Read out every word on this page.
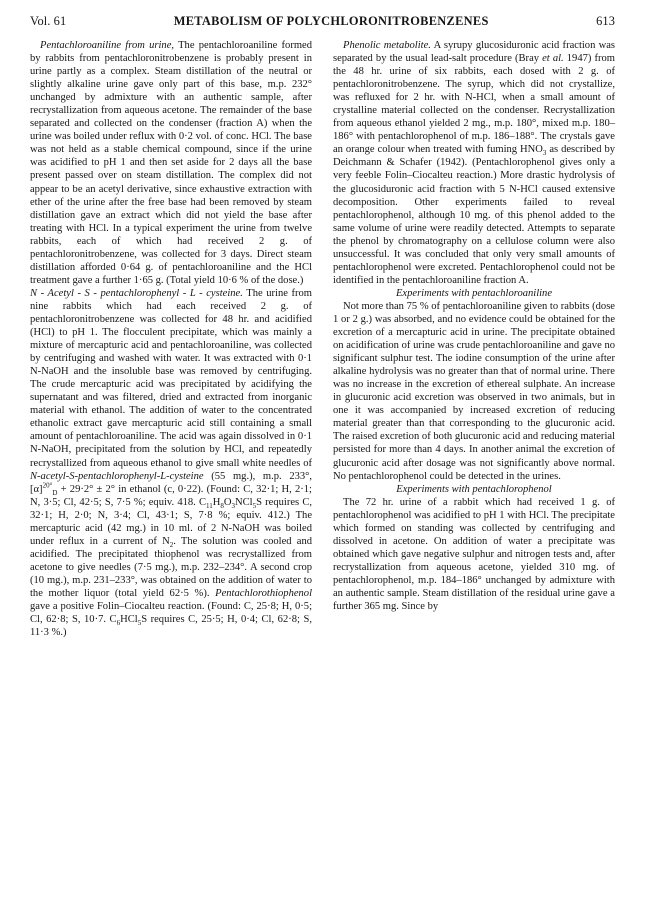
Vol. 61	METABOLISM OF POLYCHLORONITROBENZENES	613

Pentachloroaniline from urine, The pentachloroaniline formed by rabbits from pentachloronitrobenzene is probably present in urine partly as a complex. Steam distillation of the neutral or slightly alkaline urine gave only part of this base, m.p. 232° unchanged by admixture with an authentic sample, after recrystallization from aqueous acetone. The remainder of the base separated and collected on the condenser (fraction A) when the urine was boiled under reflux with 0·2 vol. of conc. HCl. The base was not held as a stable chemical compound, since if the urine was acidified to pH 1 and then set aside for 2 days all the base present passed over on steam distillation. The complex did not appear to be an acetyl derivative, since exhaustive extraction with ether of the urine after the free base had been removed by steam distillation gave an extract which did not yield the base after treating with HCl. In a typical experiment the urine from twelve rabbits, each of which had received 2 g. of pentachloronitrobenzene, was collected for 3 days. Direct steam distillation afforded 0·64 g. of pentachloroaniline and the HCl treatment gave a further 1·65 g. (Total yield 10·6 % of the dose.)

N - Acetyl - S - pentachlorophenyl - L - cysteine. The urine from nine rabbits which had each received 2 g. of pentachloronitrobenzene was collected for 48 hr. and acidified (HCl) to pH 1. The flocculent precipitate, which was mainly a mixture of mercapturic acid and pentachloroaniline, was collected by centrifuging and washed with water. It was extracted with 0·1 N-NaOH and the insoluble base was removed by centrifuging. The crude mercapturic acid was precipitated by acidifying the supernatant and was filtered, dried and extracted from inorganic material with ethanol. The addition of water to the concentrated ethanolic extract gave mercapturic acid still containing a small amount of pentachloroaniline. The acid was again dissolved in 0·1 N-NaOH, precipitated from the solution by HCl, and repeatedly recrystallized from aqueous ethanol to give small white needles of N-acetyl-S-pentachlorophenyl-L-cysteine (55 mg.), m.p. 233°, $[\alpha]^{20^\circ}_D + 29\cdot 2^\circ \pm 2^\circ$ in ethanol (c, 0·22). (Found: C, 32·1; H, 2·1; N, 3·5; Cl, 42·5; S, 7·5 %; equiv. 418. $C_{11}H_8O_3NCl_5S$ requires C, 32·1; H, 2·0; N, 3·4; Cl, 43·1; S, 7·8 %; equiv. 412.) The mercapturic acid (42 mg.) in 10 ml. of 2 N-NaOH was boiled under reflux in a current of $N_2$. The solution was cooled and acidified. The precipitated thiophenol was recrystallized from acetone to give needles (7·5 mg.), m.p. 232–234°. A second crop (10 mg.), m.p. 231–233°, was obtained on the addition of water to the mother liquor (total yield 62·5 %). Pentachlorothiophenol gave a positive Folin–Ciocalteu reaction. (Found: C, 25·8; H, 0·5; Cl, 62·8; S, 10·7. $C_6HCl_5S$ requires C, 25·5; H, 0·4; Cl, 62·8; S, 11·3 %.)

Phenolic metabolite. A syrupy glucosiduronic acid fraction was separated by the usual lead-salt procedure (Bray et al. 1947) from the 48 hr. urine of six rabbits, each dosed with 2 g. of pentachloronitrobenzene. The syrup, which did not crystallize, was refluxed for 2 hr. with N-HCl, when a small amount of crystalline material collected on the condenser. Recrystallization from aqueous ethanol yielded 2 mg., m.p. 180°, mixed m.p. 180–186° with pentachlorophenol of m.p. 186–188°. The crystals gave an orange colour when treated with fuming $HNO_3$ as described by Deichmann & Schafer (1942). (Pentachlorophenol gives only a very feeble Folin–Ciocalteu reaction.) More drastic hydrolysis of the glucosiduronic acid fraction with 5 N-HCl caused extensive decomposition. Other experiments failed to reveal pentachlorophenol, although 10 mg. of this phenol added to the same volume of urine were readily detected. Attempts to separate the phenol by chromatography on a cellulose column were also unsuccessful. It was concluded that only very small amounts of pentachlorophenol were excreted. Pentachlorophenol could not be identified in the pentachloroaniline fraction A.

Experiments with pentachloroaniline

Not more than 75 % of pentachloroaniline given to rabbits (dose 1 or 2 g.) was absorbed, and no evidence could be obtained for the excretion of a mercapturic acid in urine. The precipitate obtained on acidification of urine was crude pentachloroaniline and gave no significant sulphur test. The iodine consumption of the urine after alkaline hydrolysis was no greater than that of normal urine. There was no increase in the excretion of ethereal sulphate. An increase in glucuronic acid excretion was observed in two animals, but in one it was accompanied by increased excretion of reducing material greater than that corresponding to the glucuronic acid. The raised excretion of both glucuronic acid and reducing material persisted for more than 4 days. In another animal the excretion of glucuronic acid after dosage was not significantly above normal. No pentachlorophenol could be detected in the urines.

Experiments with pentachlorophenol

The 72 hr. urine of a rabbit which had received 1 g. of pentachlorophenol was acidified to pH 1 with HCl. The precipitate which formed on standing was collected by centrifuging and dissolved in acetone. On addition of water a precipitate was obtained which gave negative sulphur and nitrogen tests and, after recrystallization from aqueous acetone, yielded 310 mg. of pentachlorophenol, m.p. 184–186° unchanged by admixture with an authentic sample. Steam distillation of the residual urine gave a further 365 mg. Since by
